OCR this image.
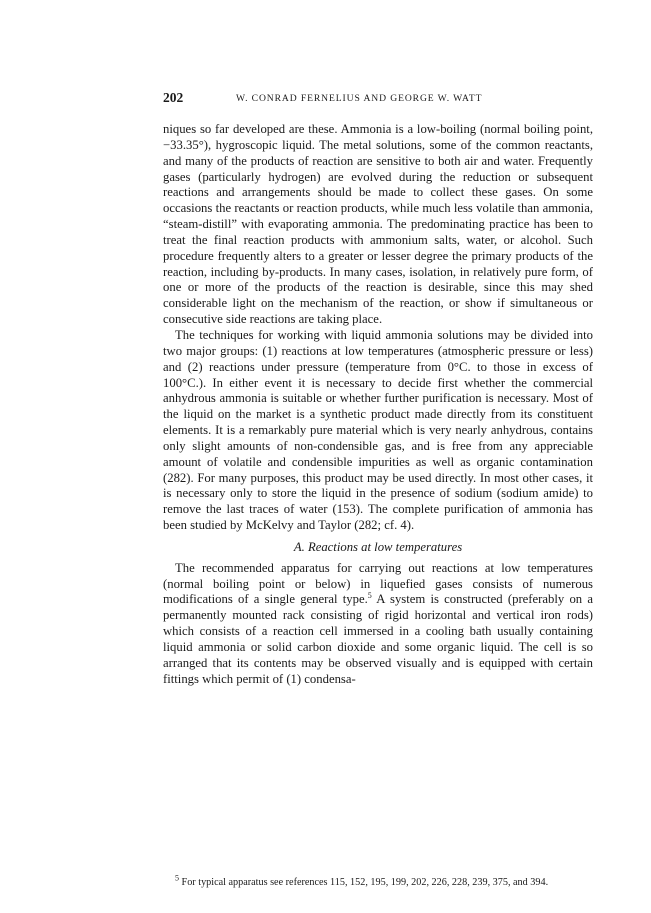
202	W. CONRAD FERNELIUS AND GEORGE W. WATT

niques so far developed are these. Ammonia is a low-boiling (normal boiling point, −33.35°), hygroscopic liquid. The metal solutions, some of the common reactants, and many of the products of reaction are sensitive to both air and water. Frequently gases (particularly hydrogen) are evolved during the reduction or subsequent reactions and arrangements should be made to collect these gases. On some occasions the reactants or reaction products, while much less volatile than ammonia, “steam-distill” with evaporating ammonia. The predominating practice has been to treat the final reaction products with ammonium salts, water, or alcohol. Such procedure frequently alters to a greater or lesser degree the primary products of the reaction, including by-products. In many cases, isolation, in relatively pure form, of one or more of the products of the reaction is desirable, since this may shed considerable light on the mechanism of the reaction, or show if simultaneous or consecutive side reactions are taking place.

The techniques for working with liquid ammonia solutions may be divided into two major groups: (1) reactions at low temperatures (atmospheric pressure or less) and (2) reactions under pressure (temperature from 0°C. to those in excess of 100°C.). In either event it is necessary to decide first whether the commercial anhydrous ammonia is suitable or whether further purification is necessary. Most of the liquid on the market is a synthetic product made directly from its constituent elements. It is a remarkably pure material which is very nearly anhydrous, contains only slight amounts of non-condensible gas, and is free from any appreciable amount of volatile and condensible impurities as well as organic contamination (282). For many purposes, this product may be used directly. In most other cases, it is necessary only to store the liquid in the presence of sodium (sodium amide) to remove the last traces of water (153). The complete purification of ammonia has been studied by McKelvy and Taylor (282; cf. 4).

A. Reactions at low temperatures

The recommended apparatus for carrying out reactions at low temperatures (normal boiling point or below) in liquefied gases consists of numerous modifications of a single general type.$^5$ A system is constructed (preferably on a permanently mounted rack consisting of rigid horizontal and vertical iron rods) which consists of a reaction cell immersed in a cooling bath usually containing liquid ammonia or solid carbon dioxide and some organic liquid. The cell is so arranged that its contents may be observed visually and is equipped with certain fittings which permit of (1) condensa-

$^5$ For typical apparatus see references 115, 152, 195, 199, 202, 226, 228, 239, 375, and 394.
